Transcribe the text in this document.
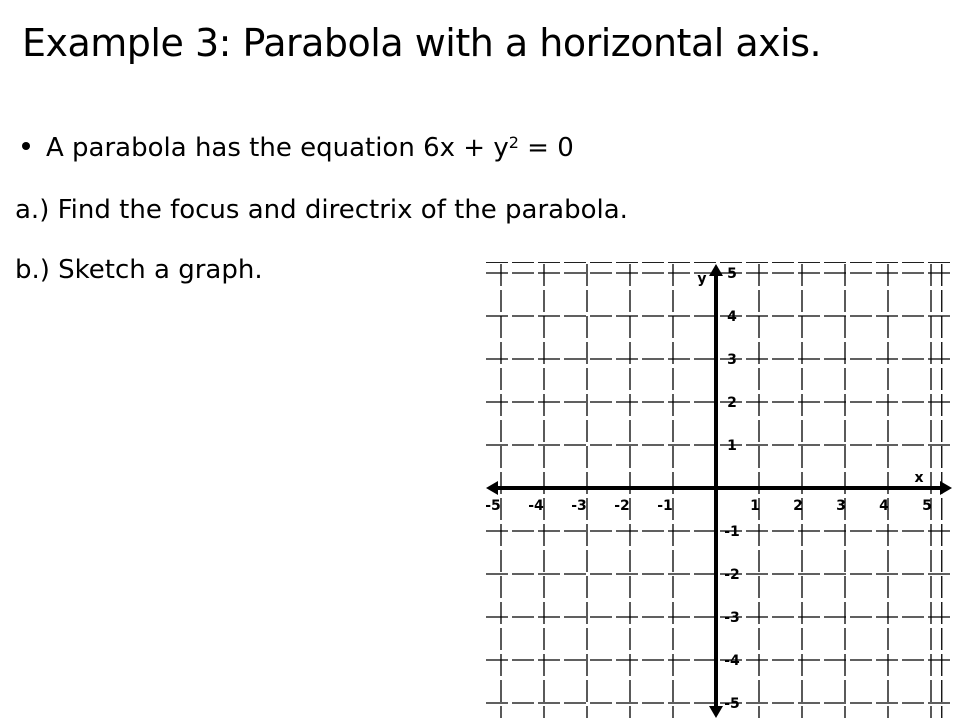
Example 3: Parabola with a horizontal axis.
A parabola has the equation $6x + y^2 = 0$
a.) Find the focus and directrix of the parabola.
b.) Sketch a graph.
-5 -4 -3 -2 -1	1 2 3 4 5
5
4
3
2
1
-1
-2
-3
-4
-5
x
y
